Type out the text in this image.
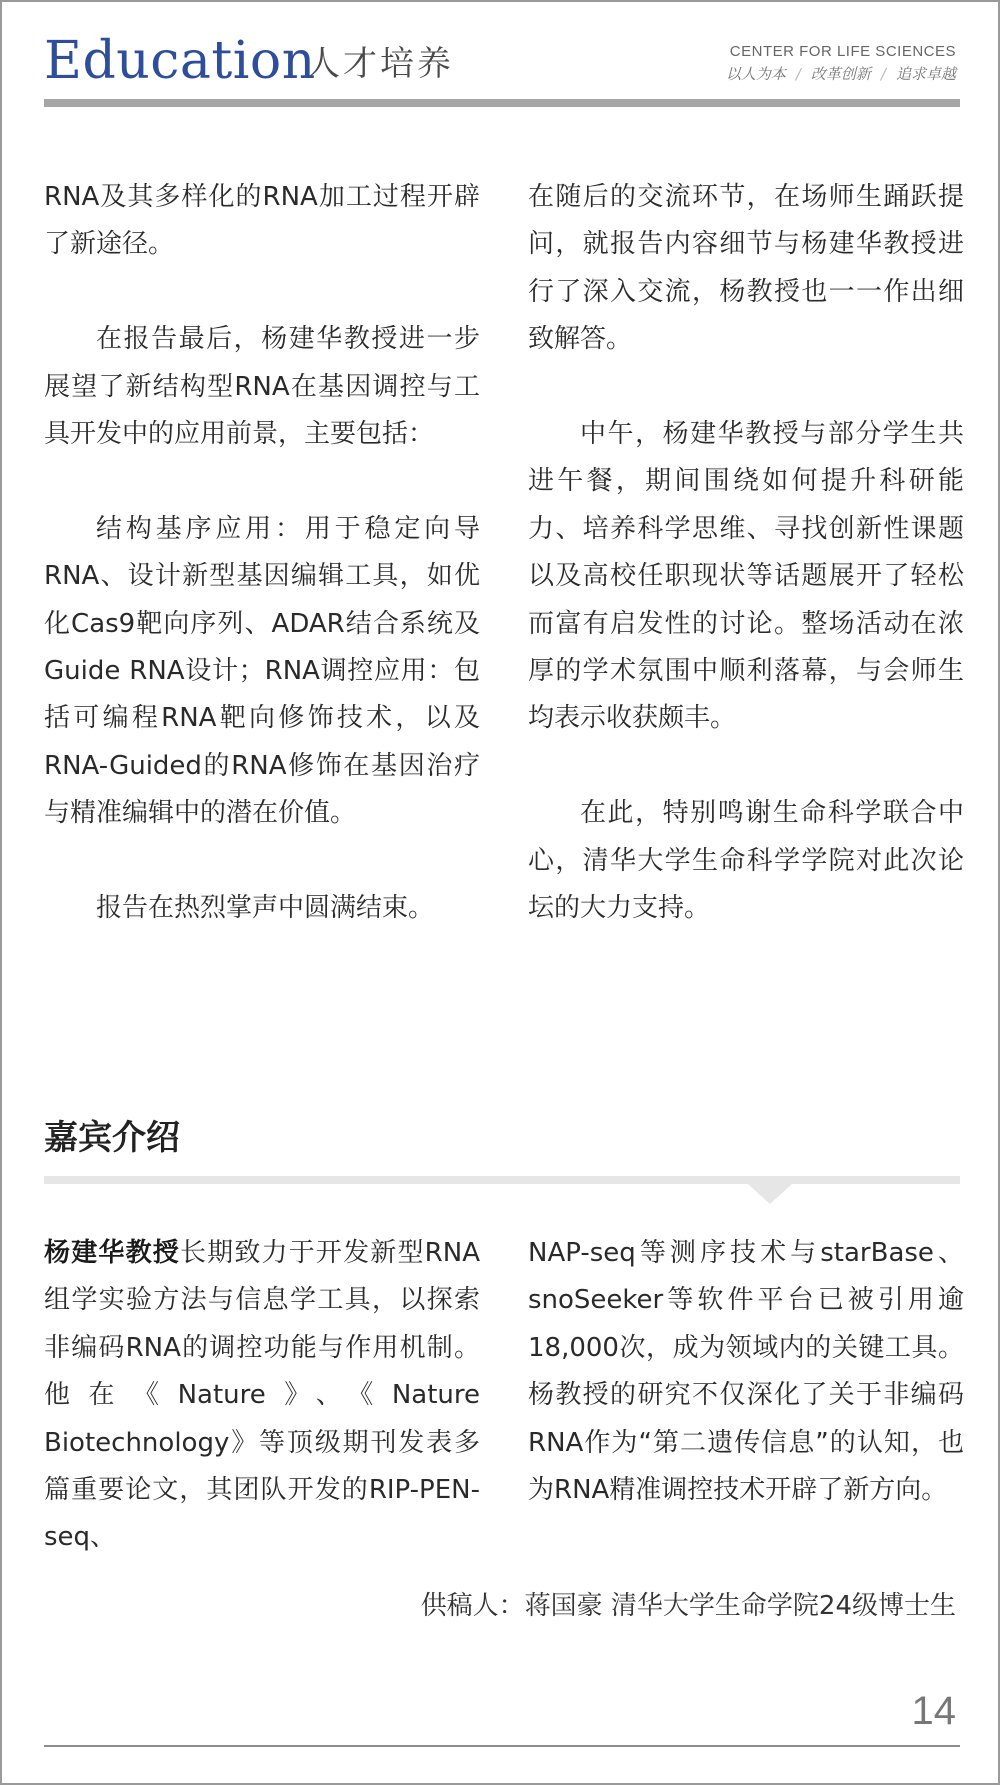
Education
人才培养	CENTER FOR LIFE SCIENCES
以人为本 / 改革创新 / 追求卓越

RNA及其多样化的RNA加工过程开辟了新途径。

在报告最后，杨建华教授进一步展望了新结构型RNA在基因调控与工具开发中的应用前景，主要包括：

结构基序应用：用于稳定向导RNA、设计新型基因编辑工具，如优化Cas9靶向序列、ADAR结合系统及Guide RNA设计；RNA调控应用：包括可编程RNA靶向修饰技术，以及RNA-Guided的RNA修饰在基因治疗与精准编辑中的潜在价值。

报告在热烈掌声中圆满结束。

在随后的交流环节，在场师生踊跃提问，就报告内容细节与杨建华教授进行了深入交流，杨教授也一一作出细致解答。

中午，杨建华教授与部分学生共进午餐，期间围绕如何提升科研能力、培养科学思维、寻找创新性课题以及高校任职现状等话题展开了轻松而富有启发性的讨论。整场活动在浓厚的学术氛围中顺利落幕，与会师生均表示收获颇丰。

在此，特别鸣谢生命科学联合中心，清华大学生命科学学院对此次论坛的大力支持。

嘉宾介绍

杨建华教授长期致力于开发新型RNA组学实验方法与信息学工具，以探索非编码RNA的调控功能与作用机制。他在《Nature》、《Nature Biotechnology》等顶级期刊发表多篇重要论文，其团队开发的RIP-PEN-seq、

NAP-seq等测序技术与starBase、snoSeeker等软件平台已被引用逾18,000次，成为领域内的关键工具。杨教授的研究不仅深化了关于非编码RNA作为“第二遗传信息”的认知，也为RNA精准调控技术开辟了新方向。

供稿人：蒋国豪 清华大学生命学院24级博士生
14
